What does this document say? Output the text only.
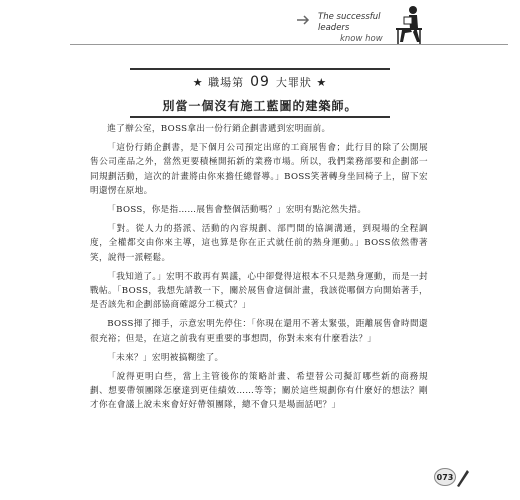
The successful leaders
know how
★ 職場第 09 大罪狀 ★
別當一個沒有施工藍圖的建築師。

進了辦公室，BOSS拿出一份行銷企劃書遞到宏明面前。

「這份行銷企劃書，是下個月公司預定出席的工商展售會；此行目的除了公開展售公司產品之外，當然更要積極開拓新的業務市場。所以，我們業務部要和企劃部一同規劃活動，這次的計畫將由你來擔任總督導。」BOSS笑著轉身坐回椅子上，留下宏明還愣在原地。

「BOSS，你是指……展售會整個活動嗎？」宏明有點沱然失措。

「對。從人力的搭派、活動的內容規劃、部門間的協調溝通，到現場的全程調度，全權都交由你來主導，這也算是你在正式就任前的熱身運動。」BOSS依然帶著笑，說得一派輕鬆。

「我知道了。」宏明不敢再有異議，心中卻覺得這根本不只是熱身運動，而是一封戰帖。「BOSS，我想先請教一下，關於展售會這個計畫，我該從哪個方向開始著手，是否該先和企劃部協商確認分工模式？」

BOSS揮了揮手，示意宏明先停住：「你現在還用不著太緊張，距離展售會時間還很充裕；但是，在這之前我有更重要的事想問，你對未來有什麼看法？」

「未來？」宏明被搞糊塗了。

「說得更明白些，當上主管後你的策略計畫、希望替公司擬訂哪些新的商務規劃、想要帶領團隊怎麼達到更佳績效……等等；關於這些規劃你有什麼好的想法？剛才你在會議上說未來會好好帶領團隊，總不會只是場面話吧？」

073
